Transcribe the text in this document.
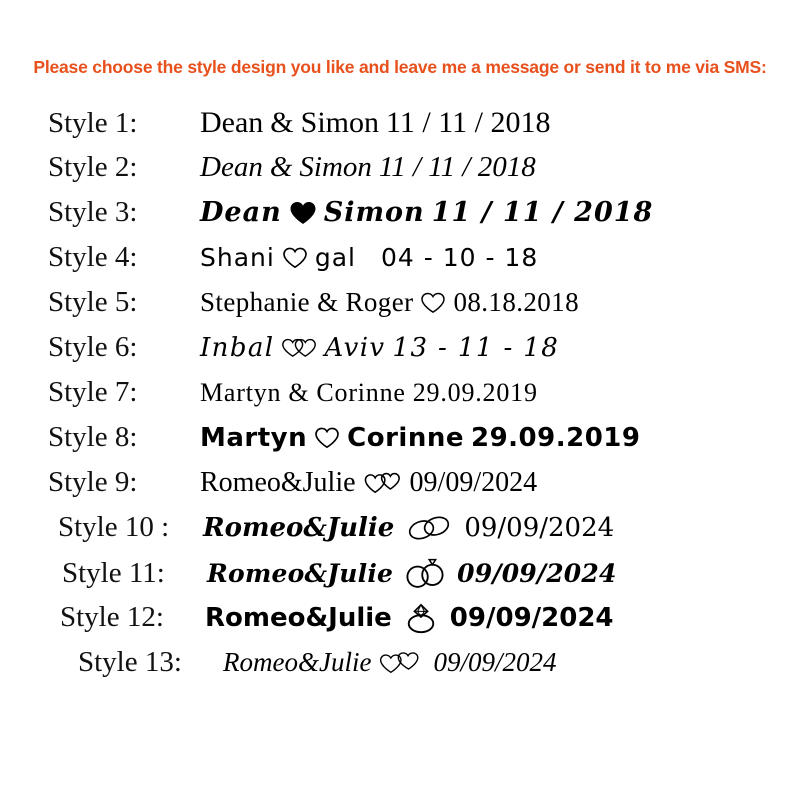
Please choose the style design you like and leave me a message or send it to me via SMS:
Style 1:	Dean & Simon 11 / 11 / 2018
Style 2:	Dean & Simon 11 / 11 / 2018
Style 3:	Dean Simon 11 / 11 / 2018
Style 4:	Shani gal 04 - 10 - 18
Style 5:	Stephanie & Roger 08.18.2018
Style 6:	Inbal Aviv 13 - 11 - 18
Style 7:	Martyn & Corinne 29.09.2019
Style 8:	Martyn Corinne 29.09.2019
Style 9:	Romeo&Julie 09/09/2024
Style 10 :	Romeo&Julie	09/09/2024
Style 11:	Romeo&Julie	09/09/2024
Style 12:	Romeo&Julie 09/09/2024
Style 13:	Romeo&Julie 09/09/2024
